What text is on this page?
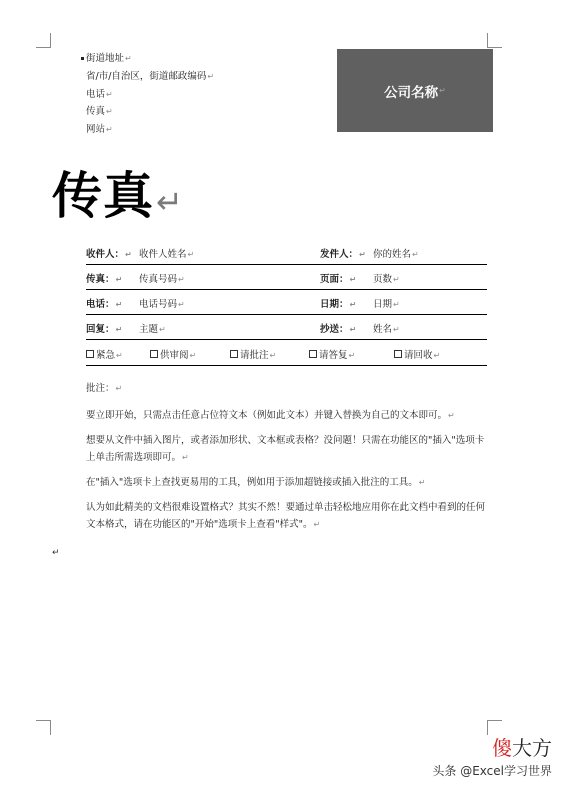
街道地址↵
省/市/自治区，街道邮政编码↵
电话↵
传真↵
网站↵
公司名称 ↵
传真↵
收件人：↵ 收件人姓名↵	发件人：↵ 你的姓名↵
传真：↵ 传真号码↵	页面：↵ 页数↵
电话：↵ 电话号码↵	日期：↵ 日期↵
回复：↵ 主题↵	抄送：↵ 姓名↵
紧急↵	供审阅↵	请批注↵	请答复↵	请回收↵

批注：↵

要立即开始，只需点击任意占位符文本（例如此文本）并键入替换为自己的文本即可。↵

想要从文件中插入图片，或者添加形状、文本框或表格？没问题！只需在功能区的"插入"选项卡上单击所需选项即可。↵

在"插入"选项卡上查找更易用的工具，例如用于添加超链接或插入批注的工具。↵

认为如此精美的文档很难设置格式？其实不然！要通过单击轻松地应用你在此文档中看到的任何文本格式，请在功能区的"开始"选项卡上查看"样式"。↵

↵
傻大方
头条 @Excel学习世界
